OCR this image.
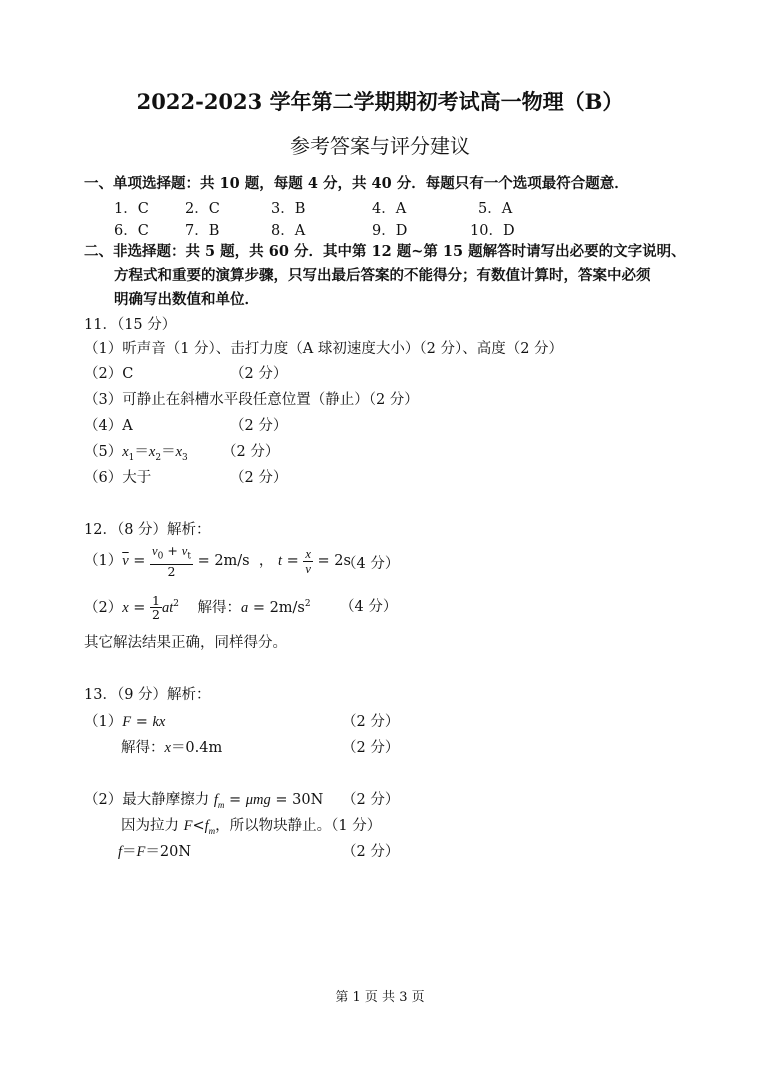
2022-2023 学年第二学期期初考试高一物理（B）
参考答案与评分建议
一、单项选择题：共 10 题，每题 4 分，共 40 分．每题只有一个选项最符合题意．
1．C 2．C	3．B	4．A	5．A
6．C 7．B	8．A	9．D	10．D
二、非选择题：共 5 题，共 60 分．其中第 12 题~第 15 题解答时请写出必要的文字说明、
方程式和重要的演算步骤，只写出最后答案的不能得分；有数值计算时，答案中必须
明确写出数值和单位．
11．（15 分）
（1）听声音（1 分）、击打力度（A 球初速度大小）（2 分）、高度（2 分）
（2）C	（2 分）
（3）可静止在斜槽水平段任意位置（静止）（2 分）
（4）A	（2 分）
$(5)x_1=x_2=x_3$ （2 分）
（6）大于	（2 分）
12．（8 分）解析：
$(1)\overline{v} = \frac{v_0 + v_t}{2} = 2m/s$  ， $t = \frac{x}{v} = 2s$
（4 分）
$(2)x = \frac{1}{2} at^2$ 解得：$a = 2m/s^2$ （4 分）
其它解法结果正确，同样得分。
13．（9 分）解析：
（1）F = kx	（2 分）
解得：x＝0.4m	（2 分）
（2）最大静摩擦力 $f_m = \mu mg = 30N$ （2 分）
因为拉力 $F<f_m$，所以物块静止。（1 分）
f＝F＝20N	（2 分）
第 1 页 共 3 页
